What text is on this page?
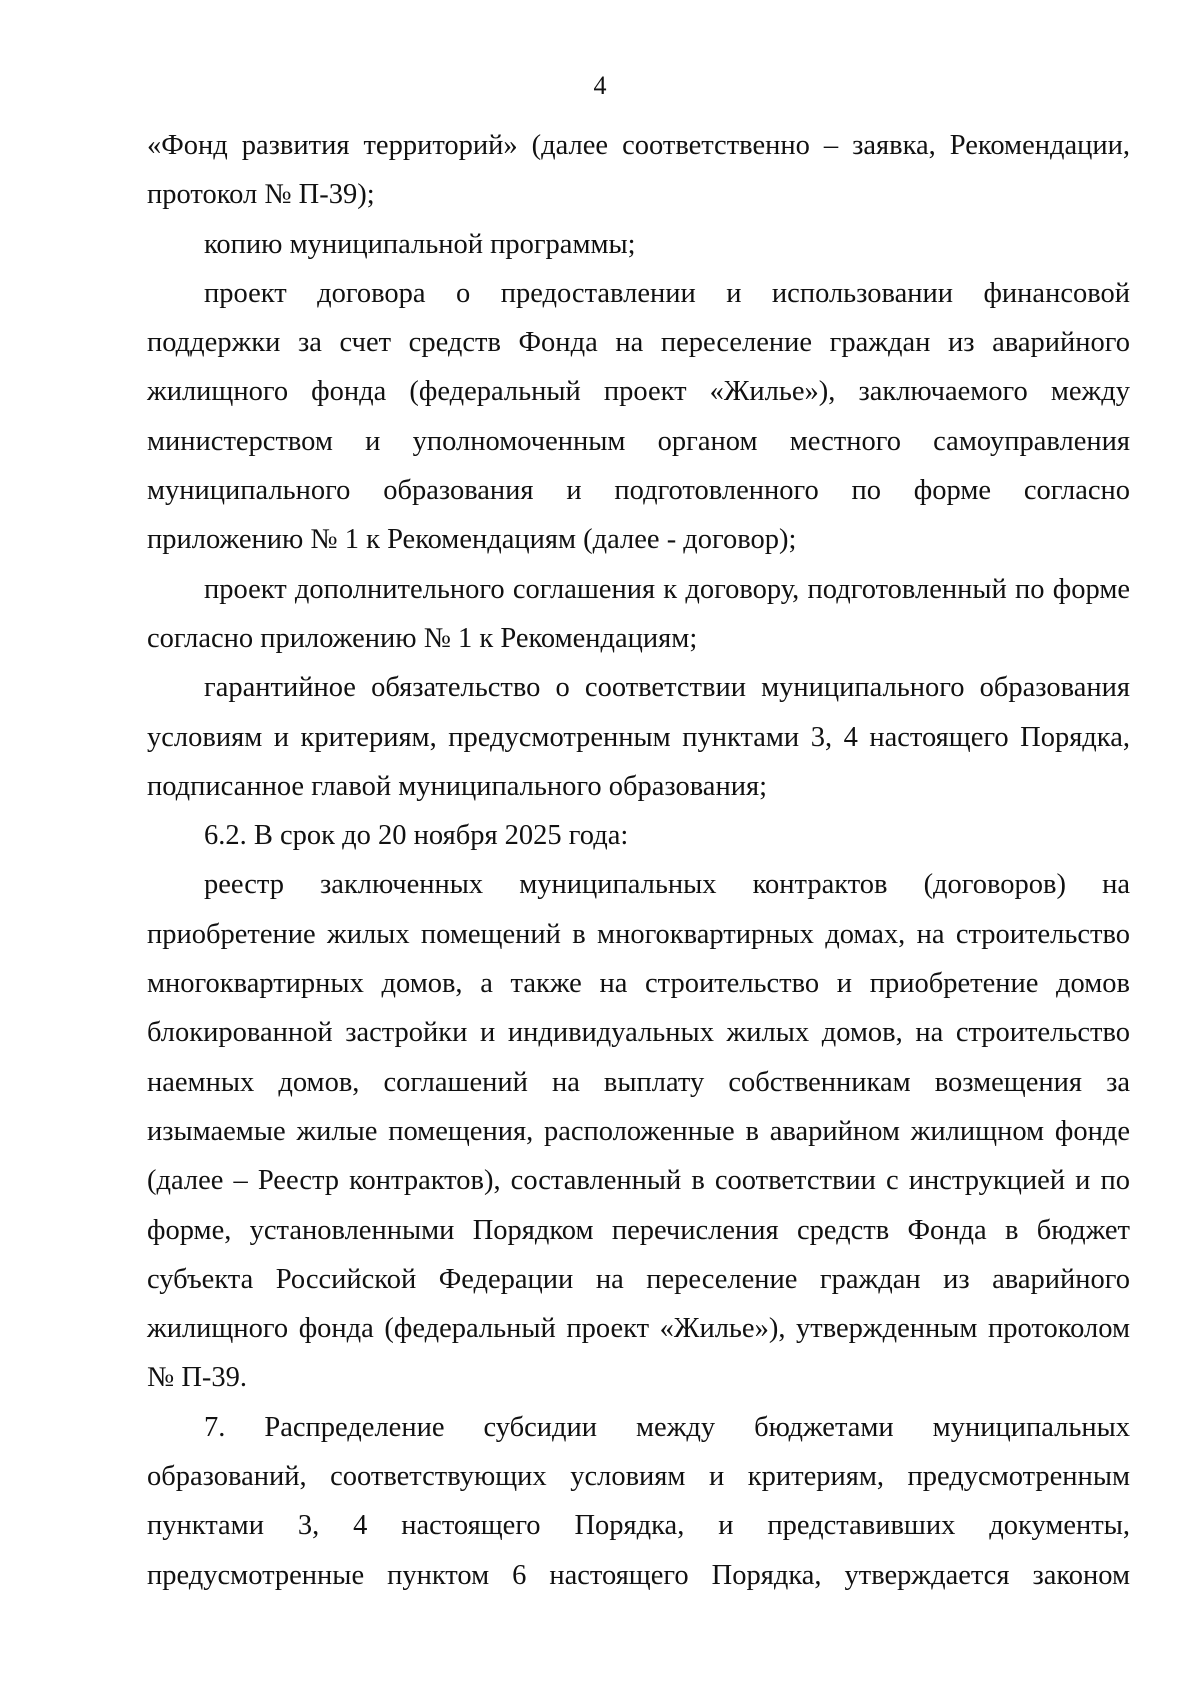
4

«Фонд развития территорий» (далее соответственно – заявка, Рекомендации, протокол № П-39);

копию муниципальной программы;

проект договора о предоставлении и использовании финансовой поддержки за счет средств Фонда на переселение граждан из аварийного жилищного фонда (федеральный проект «Жилье»), заключаемого между министерством и уполномоченным органом местного самоуправления муниципального образования и подготовленного по форме согласно приложению № 1 к Рекомендациям (далее - договор);

проект дополнительного соглашения к договору, подготовленный по форме согласно приложению № 1 к Рекомендациям;

гарантийное обязательство о соответствии муниципального образования условиям и критериям, предусмотренным пунктами 3, 4 настоящего Порядка, подписанное главой муниципального образования;

6.2. В срок до 20 ноября 2025 года:

реестр заключенных муниципальных контрактов (договоров) на приобретение жилых помещений в многоквартирных домах, на строительство многоквартирных домов, а также на строительство и приобретение домов блокированной застройки и индивидуальных жилых домов, на строительство наемных домов, соглашений на выплату собственникам возмещения за изымаемые жилые помещения, расположенные в аварийном жилищном фонде (далее – Реестр контрактов), составленный в соответствии с инструкцией и по форме, установленными Порядком перечисления средств Фонда в бюджет субъекта Российской Федерации на переселение граждан из аварийного жилищного фонда (федеральный проект «Жилье»), утвержденным протоколом № П-39.

7. Распределение субсидии между бюджетами муниципальных образований, соответствующих условиям и критериям, предусмотренным пунктами 3, 4 настоящего Порядка, и представивших документы, предусмотренные пунктом 6 настоящего Порядка, утверждается законом
